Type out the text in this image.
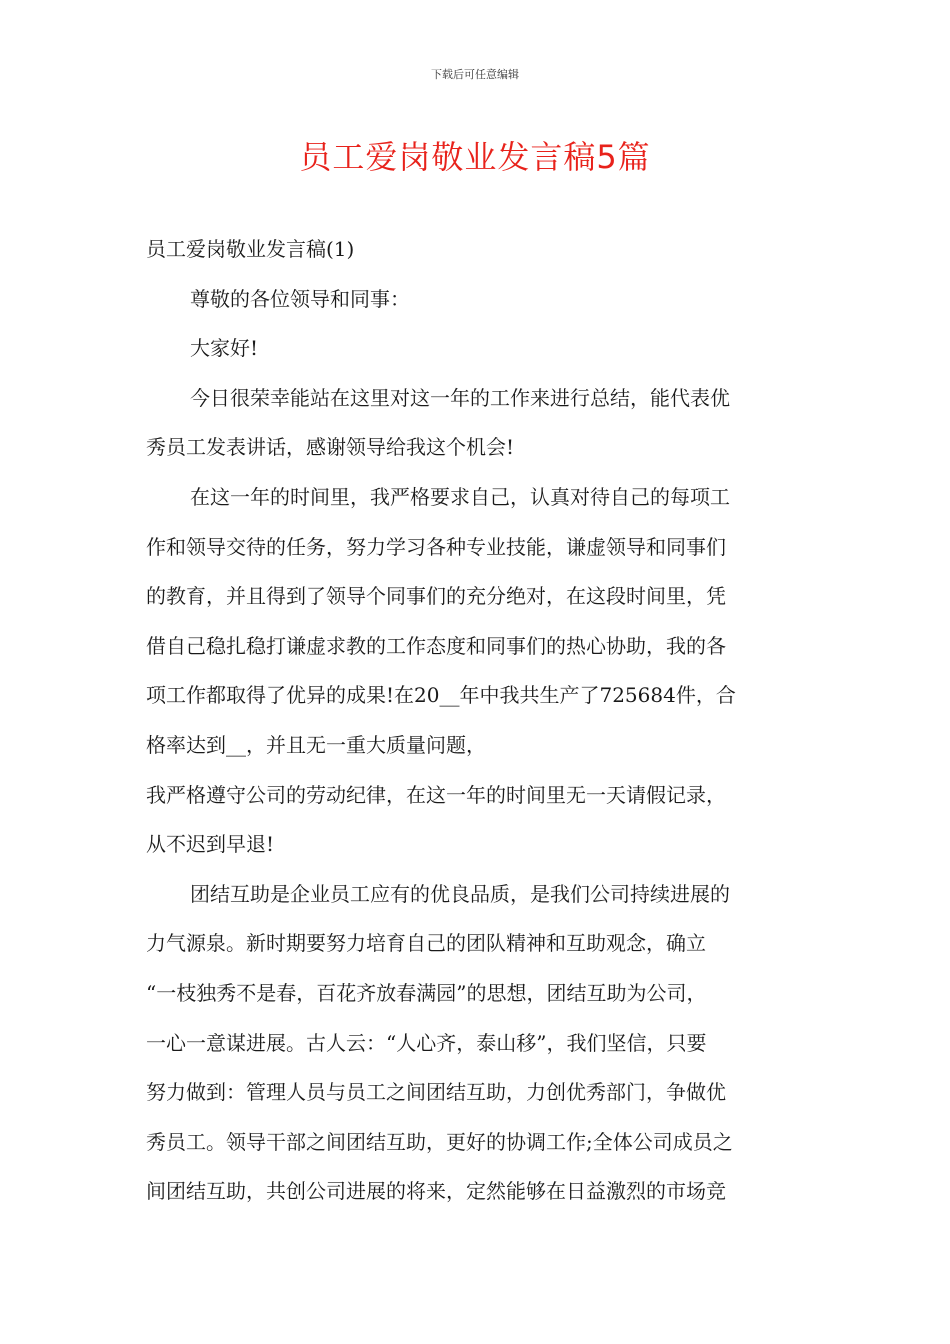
下载后可任意编辑
员工爱岗敬业发言稿5篇
员工爱岗敬业发言稿(1)
尊敬的各位领导和同事：
大家好!
今日很荣幸能站在这里对这一年的工作来进行总结，能代表优
秀员工发表讲话，感谢领导给我这个机会!
在这一年的时间里，我严格要求自己，认真对待自己的每项工
作和领导交待的任务，努力学习各种专业技能，谦虚领导和同事们
的教育，并且得到了领导个同事们的充分绝对，在这段时间里，凭
借自己稳扎稳打谦虚求教的工作态度和同事们的热心协助，我的各
项工作都取得了优异的成果!在20__年中我共生产了725684件，合
格率达到__，并且无一重大质量问题，
我严格遵守公司的劳动纪律，在这一年的时间里无一天请假记录，
从不迟到早退!
团结互助是企业员工应有的优良品质，是我们公司持续进展的
力气源泉。新时期要努力培育自己的团队精神和互助观念，确立
“一枝独秀不是春，百花齐放春满园”的思想，团结互助为公司，
一心一意谋进展。古人云：“人心齐，泰山移”，我们坚信，只要
努力做到：管理人员与员工之间团结互助，力创优秀部门，争做优
秀员工。领导干部之间团结互助，更好的协调工作;全体公司成员之
间团结互助，共创公司进展的将来，定然能够在日益激烈的市场竞
